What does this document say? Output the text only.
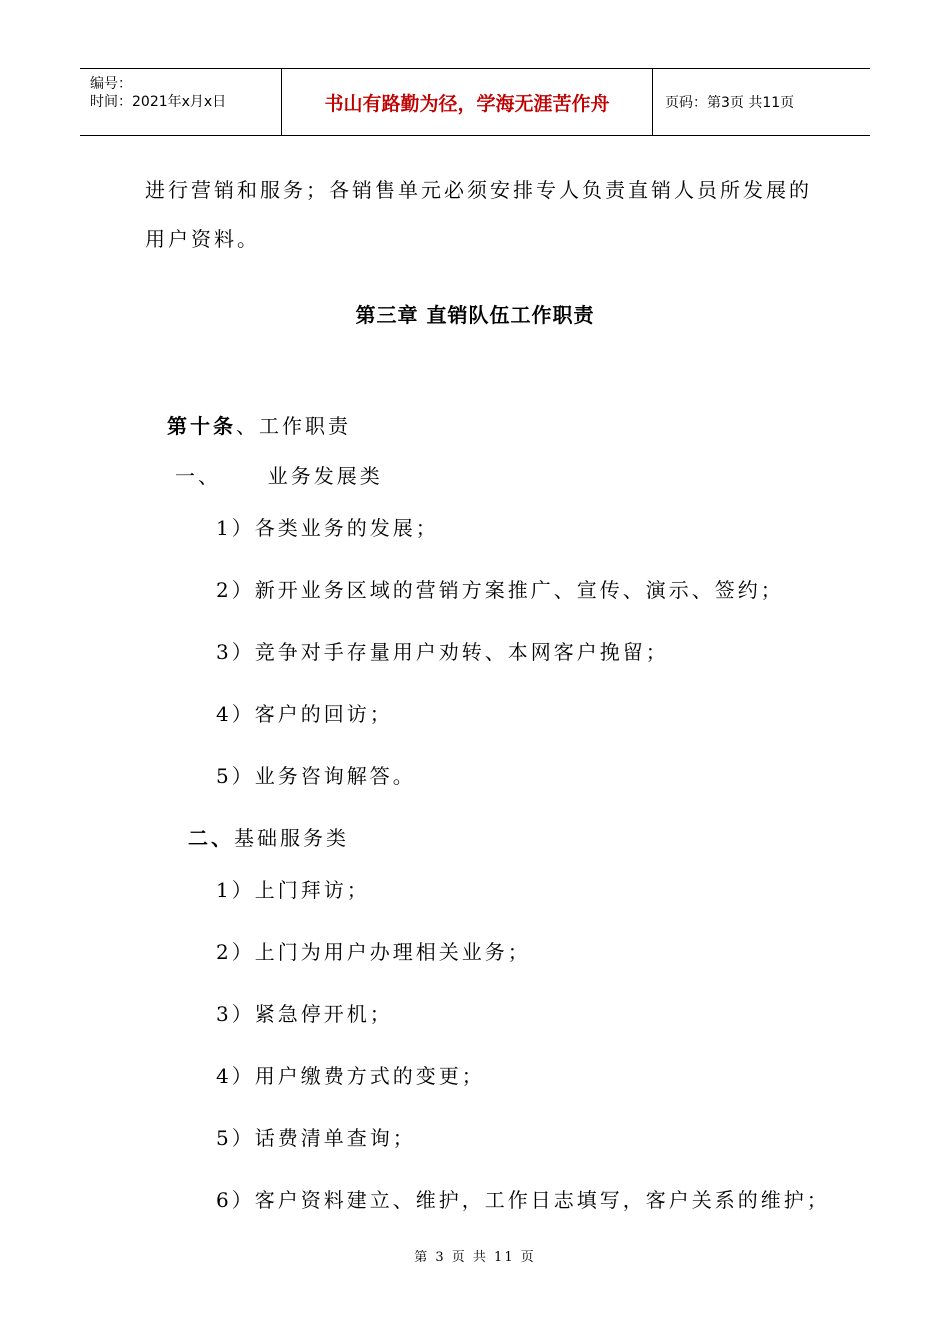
编号：
时间：2021年x月x日	书山有路勤为径，学海无涯苦作舟	页码：第3页 共11页
进行营销和服务；各销售单元必须安排专人负责直销人员所发展的
用户资料。
第三章 直销队伍工作职责
第十条、工作职责
一、     业务发展类
1）各类业务的发展；
2）新开业务区域的营销方案推广、宣传、演示、签约；
3）竞争对手存量用户劝转、本网客户挽留；
4）客户的回访；
5）业务咨询解答。
二、基础服务类
1）上门拜访；
2）上门为用户办理相关业务；
3）紧急停开机；
4）用户缴费方式的变更；
5）话费清单查询；
6）客户资料建立、维护，工作日志填写，客户关系的维护；
第 3 页 共 11 页
